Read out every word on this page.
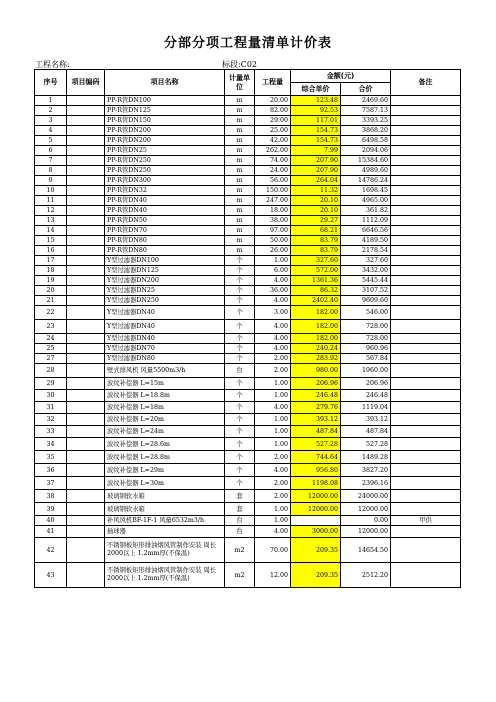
分部分项工程量清单计价表
工程名称:	标段:C02
序号	项目编码	项目名称	计量单位	工程量	金额(元)		备注
					综合单价	合价	
1		PP-R管DN100	m	20.00	123.48	2469.60	
2		PP-R管DN125	m	82.00	92.53	7587.13	
3		PP-R管DN150	m	29.00	117.01	3393.25	
4		PP-R管DN200	m	25.00	154.73	3868.20	
5		PP-R管DN200	m	42.00	154.73	6498.58	
6		PP-R管DN25	m	262.00	7.99	2094.06	
7		PP-R管DN250	m	74.00	207.90	15384.60	
8		PP-R管DN250	m	24.00	207.90	4989.60	
9		PP-R管DN300	m	56.00	264.04	14786.24	
10		PP-R管DN32	m	150.00	11.32	1698.45	
11		PP-R管DN40	m	247.00	20.10	4965.00	
12		PP-R管DN40	m	18.00	20.10	361.82	
13		PP-R管DN50	m	38.00	29.27	1112.09	
14		PP-R管DN70	m	97.00	68.21	6646.56	
15		PP-R管DN80	m	50.00	83.79	4189.50	
16		PP-R管DN80	m	26.00	83.79	2178.54	
17		Y型过滤器DN100	个	1.00	327.60	327.60	
18		Y型过滤器DN125	个	6.00	572.00	3432.00	
19		Y型过滤器DN200	个	4.00	1361.36	5445.44	
20		Y型过滤器DN25	个	36.00	86.32	3107.52	
21		Y型过滤器DN250	个	4.00	2402.40	9609.60	
22		Y型过滤器DN40	个	3.00	182.00	546.00	
23		Y型过滤器DN40	个	4.00	182.00	728.00	
24		Y型过滤器DN40	个	4.00	182.00	728.00	
25		Y型过滤器DN70	个	4.00	240.24	960.96	
27		Y型过滤器DN80	个	2.00	283.92	567.84	
28		壁式排风机 风量5500m3/h	台	2.00	980.00	1960.00	
29		波纹补偿器 L=15m	个	1.00	206.96	206.96	
30		波纹补偿器 L=18.8m	个	1.00	246.48	246.48	
31		波纹补偿器 L=18m	个	4.00	279.76	1119.04	
32		波纹补偿器 L=20m	个	1.00	393.12	393.12	
33		波纹补偿器 L=24m	个	1.00	487.84	487.84	
34		波纹补偿器 L=28.6m	个	1.00	527.28	527.28	
35		波纹补偿器 L=28.8m	个	2.00	744.64	1489.28	
36		波纹补偿器 L=29m	个	4.00	956.80	3827.20	
37		波纹补偿器 L=30m	个	2.00	1198.08	2396.16	
38		玻璃钢软水箱	套	2.00	12000.00	24000.00	
39		玻璃钢软水箱	套	1.00	12000.00	12000.00	
40		补风风机BF-1F-1 风量6532m3/h	台	1.00		0.00	甲供
41		插球器	台	4.00	3000.00	12000.00	
42		不锈钢板矩形排油烟风管制作安装 周长2000以上 1.2mm厚(不保温)	m2	70.00	209.35	14654.50	
43		不锈钢板矩形排油烟风管制作安装 周长2000以上 1.2mm厚(不保温)	m2	12.00	209.35	2512.20	
